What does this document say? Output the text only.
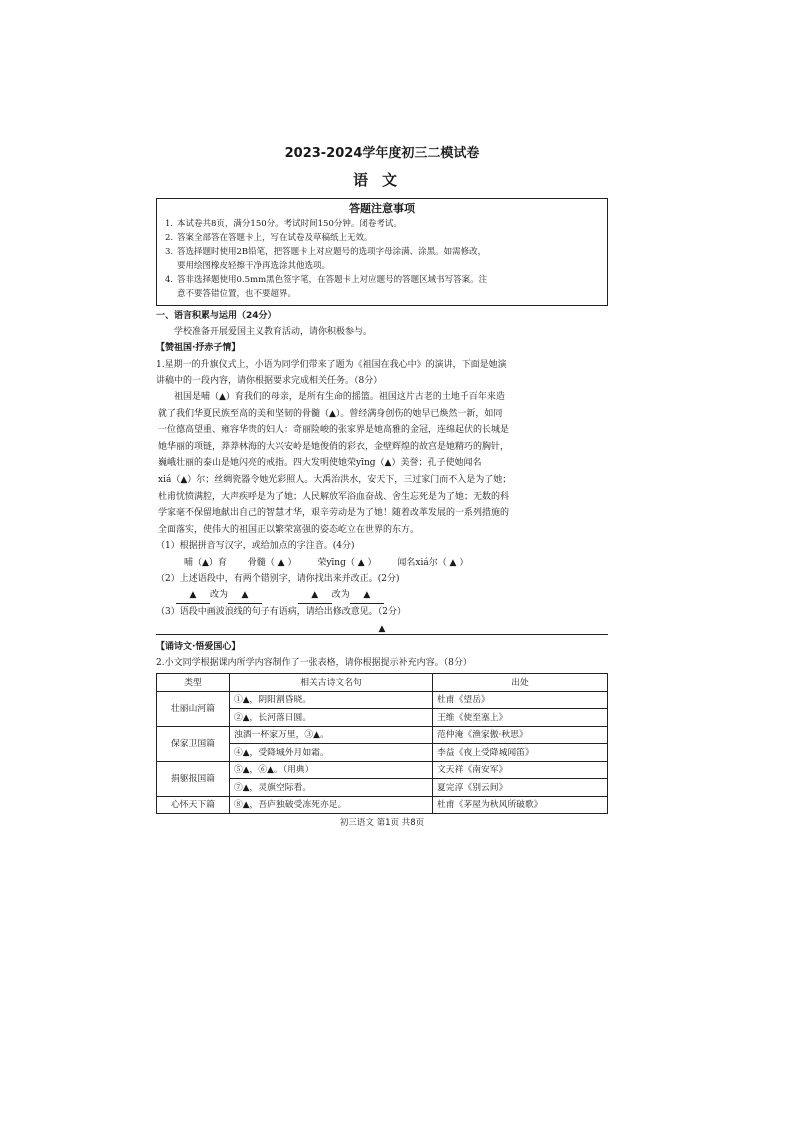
2023-2024学年度初三二模试卷
语文
答题注意事项
1. 本试卷共8页，满分150分。考试时间150分钟。闭卷考试。
2. 答案全部答在答题卡上，写在试卷及草稿纸上无效。
3. 答选择题时使用2B铅笔，把答题卡上对应题号的选项字母涂满、涂黑。如需修改，
要用绘图橡皮轻擦干净再选涂其他选项。
4. 答非选择题使用0.5mm黑色签字笔，在答题卡上对应题号的答题区域书写答案。注
意不要答错位置，也不要超界。
一、语言积累与运用（24分）
学校准备开展爱国主义教育活动，请你积极参与。
【赞祖国·抒赤子情】
1.星期一的升旗仪式上，小语为同学们带来了题为《祖国在我心中》的演讲，下面是她演
讲稿中的一段内容，请你根据要求完成相关任务。（8分）
祖国是哺（▲）育我们的母亲，是所有生命的摇篮。祖国这片古老的土地千百年来造
就了我们华夏民族至高的美和坚韧的骨髓（▲）。曾经满身创伤的她早已焕然一新，如同
一位德高望重、雍容华贵的妇人：奇丽险峻的张家界是她高雅的金冠，连绵起伏的长城是
她华丽的项链，莽莽林海的大兴安岭是她俊俏的彩衣，金壁辉煌的故宫是她精巧的胸针，
巍峨壮丽的泰山是她闪亮的戒指。四大发明使她荣yīng（▲）美誉；孔子使她闻名
xiá（▲）尔；丝绸瓷器令她光彩照人。大禹治洪水，安天下，三过家门而不入是为了她；
杜甫忧愤满腔，大声疾呼是为了她；人民解放军浴血奋战、舍生忘死是为了她；无数的科
学家毫不保留地献出自己的智慧才华，艰辛劳动是为了她！随着改革发展的一系列措施的
全面落实，使伟大的祖国正以繁荣富强的姿态屹立在世界的东方。
（1）根据拼音写汉字，或给加点的字注音。(4分)
哺（▲）育 骨髓（ ▲ ） 荣yīng（ ▲ ） 闻名xiá尔（ ▲ ）
（2）上述语段中，有两个错别字，请你找出来并改正。(2分)
▲ 改为 ▲	▲ 改为 ▲
（3）语段中画波浪线的句子有语病，请给出修改意见。（2分）
▲
【诵诗文·悟爱国心】
2.小文同学根据课内所学内容制作了一张表格，请你根据提示补充内容。（8分）
类型	相关古诗文名句	出处
壮丽山河篇	①▲，阴阳割昏晓。	杜甫《望岳》
	②▲，长河落日圆。	王维《使至塞上》
保家卫国篇	浊酒一杯家万里，③▲。	范仲淹《渔家傲·秋思》
	④▲，受降城外月如霜。	李益《夜上受降城闻笛》
捐躯报国篇	⑤▲，⑥▲。（用典）	文天祥《南安军》
	⑦▲，灵旗空际看。	夏完淳《别云间》
心怀天下篇	⑧▲，吾庐独破受冻死亦足。	杜甫《茅屋为秋风所破歌》
初三语文 第1页 共8页
